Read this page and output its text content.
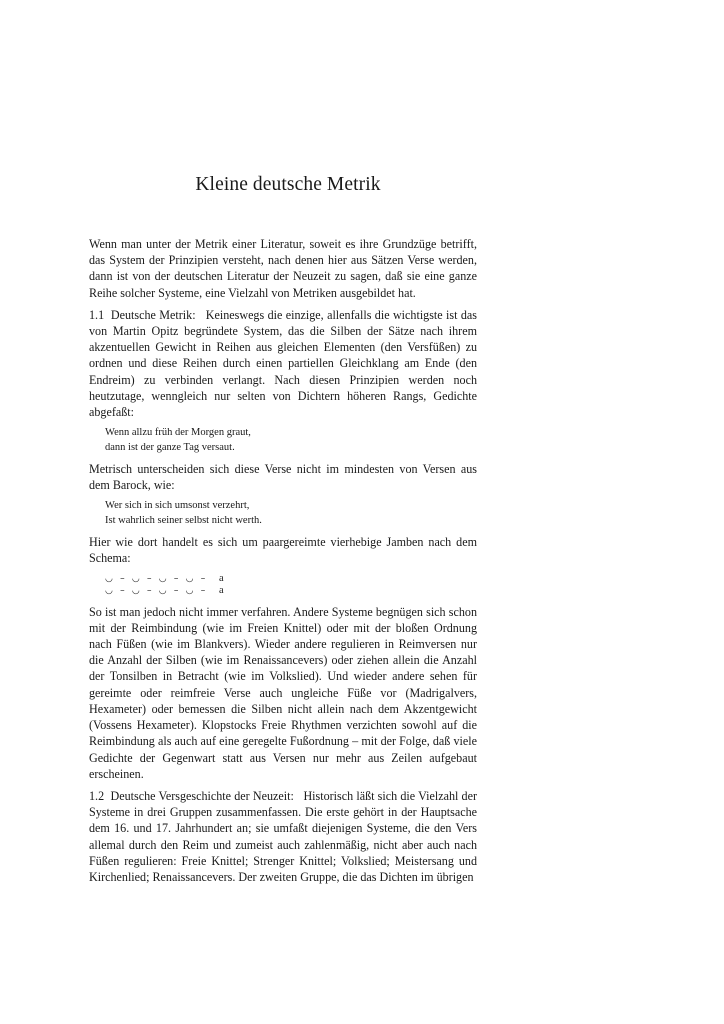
Kleine deutsche Metrik

Wenn man unter der Metrik einer Literatur, soweit es ihre Grundzüge betrifft, das System der Prinzipien versteht, nach denen hier aus Sätzen Verse werden, dann ist von der deutschen Literatur der Neuzeit zu sagen, daß sie eine ganze Reihe solcher Systeme, eine Vielzahl von Metriken ausgebildet hat.

1.1 Deutsche Metrik: Keineswegs die einzige, allenfalls die wichtigste ist das von Martin Opitz begründete System, das die Silben der Sätze nach ihrem akzentuellen Gewicht in Reihen aus gleichen Elementen (den Versfüßen) zu ordnen und diese Reihen durch einen partiellen Gleichklang am Ende (den Endreim) zu verbinden verlangt. Nach diesen Prinzipien werden noch heutzutage, wenngleich nur selten von Dichtern höheren Rangs, Gedichte abgefaßt:

Wenn allzu früh der Morgen graut,
dann ist der ganze Tag versaut.

Metrisch unterscheiden sich diese Verse nicht im mindesten von Versen aus dem Barock, wie:

Wer sich in sich umsonst verzehrt,
Ist wahrlich seiner selbst nicht werth.

Hier wie dort handelt es sich um paargereimte vierhebige Jamben nach dem Schema:

◡ – ◡ – ◡ – ◡ –	a
◡ – ◡ – ◡ – ◡ –	a

So ist man jedoch nicht immer verfahren. Andere Systeme begnügen sich schon mit der Reimbindung (wie im Freien Knittel) oder mit der bloßen Ordnung nach Füßen (wie im Blankvers). Wieder andere regulieren in Reimversen nur die Anzahl der Silben (wie im Renaissancevers) oder ziehen allein die Anzahl der Tonsilben in Betracht (wie im Volkslied). Und wieder andere sehen für gereimte oder reimfreie Verse auch ungleiche Füße vor (Madrigalvers, Hexameter) oder bemessen die Silben nicht allein nach dem Akzentgewicht (Vossens Hexameter). Klopstocks Freie Rhythmen verzichten sowohl auf die Reimbindung als auch auf eine geregelte Fußordnung – mit der Folge, daß viele Gedichte der Gegenwart statt aus Versen nur mehr aus Zeilen aufgebaut erscheinen.

1.2 Deutsche Versgeschichte der Neuzeit: Historisch läßt sich die Vielzahl der Systeme in drei Gruppen zusammenfassen. Die erste gehört in der Hauptsache dem 16. und 17. Jahrhundert an; sie umfaßt diejenigen Systeme, die den Vers allemal durch den Reim und zumeist auch zahlenmäßig, nicht aber auch nach Füßen regulieren: Freie Knittel; Strenger Knittel; Volkslied; Meistersang und Kirchenlied; Renaissancevers. Der zweiten Gruppe, die das Dichten im übrigen
